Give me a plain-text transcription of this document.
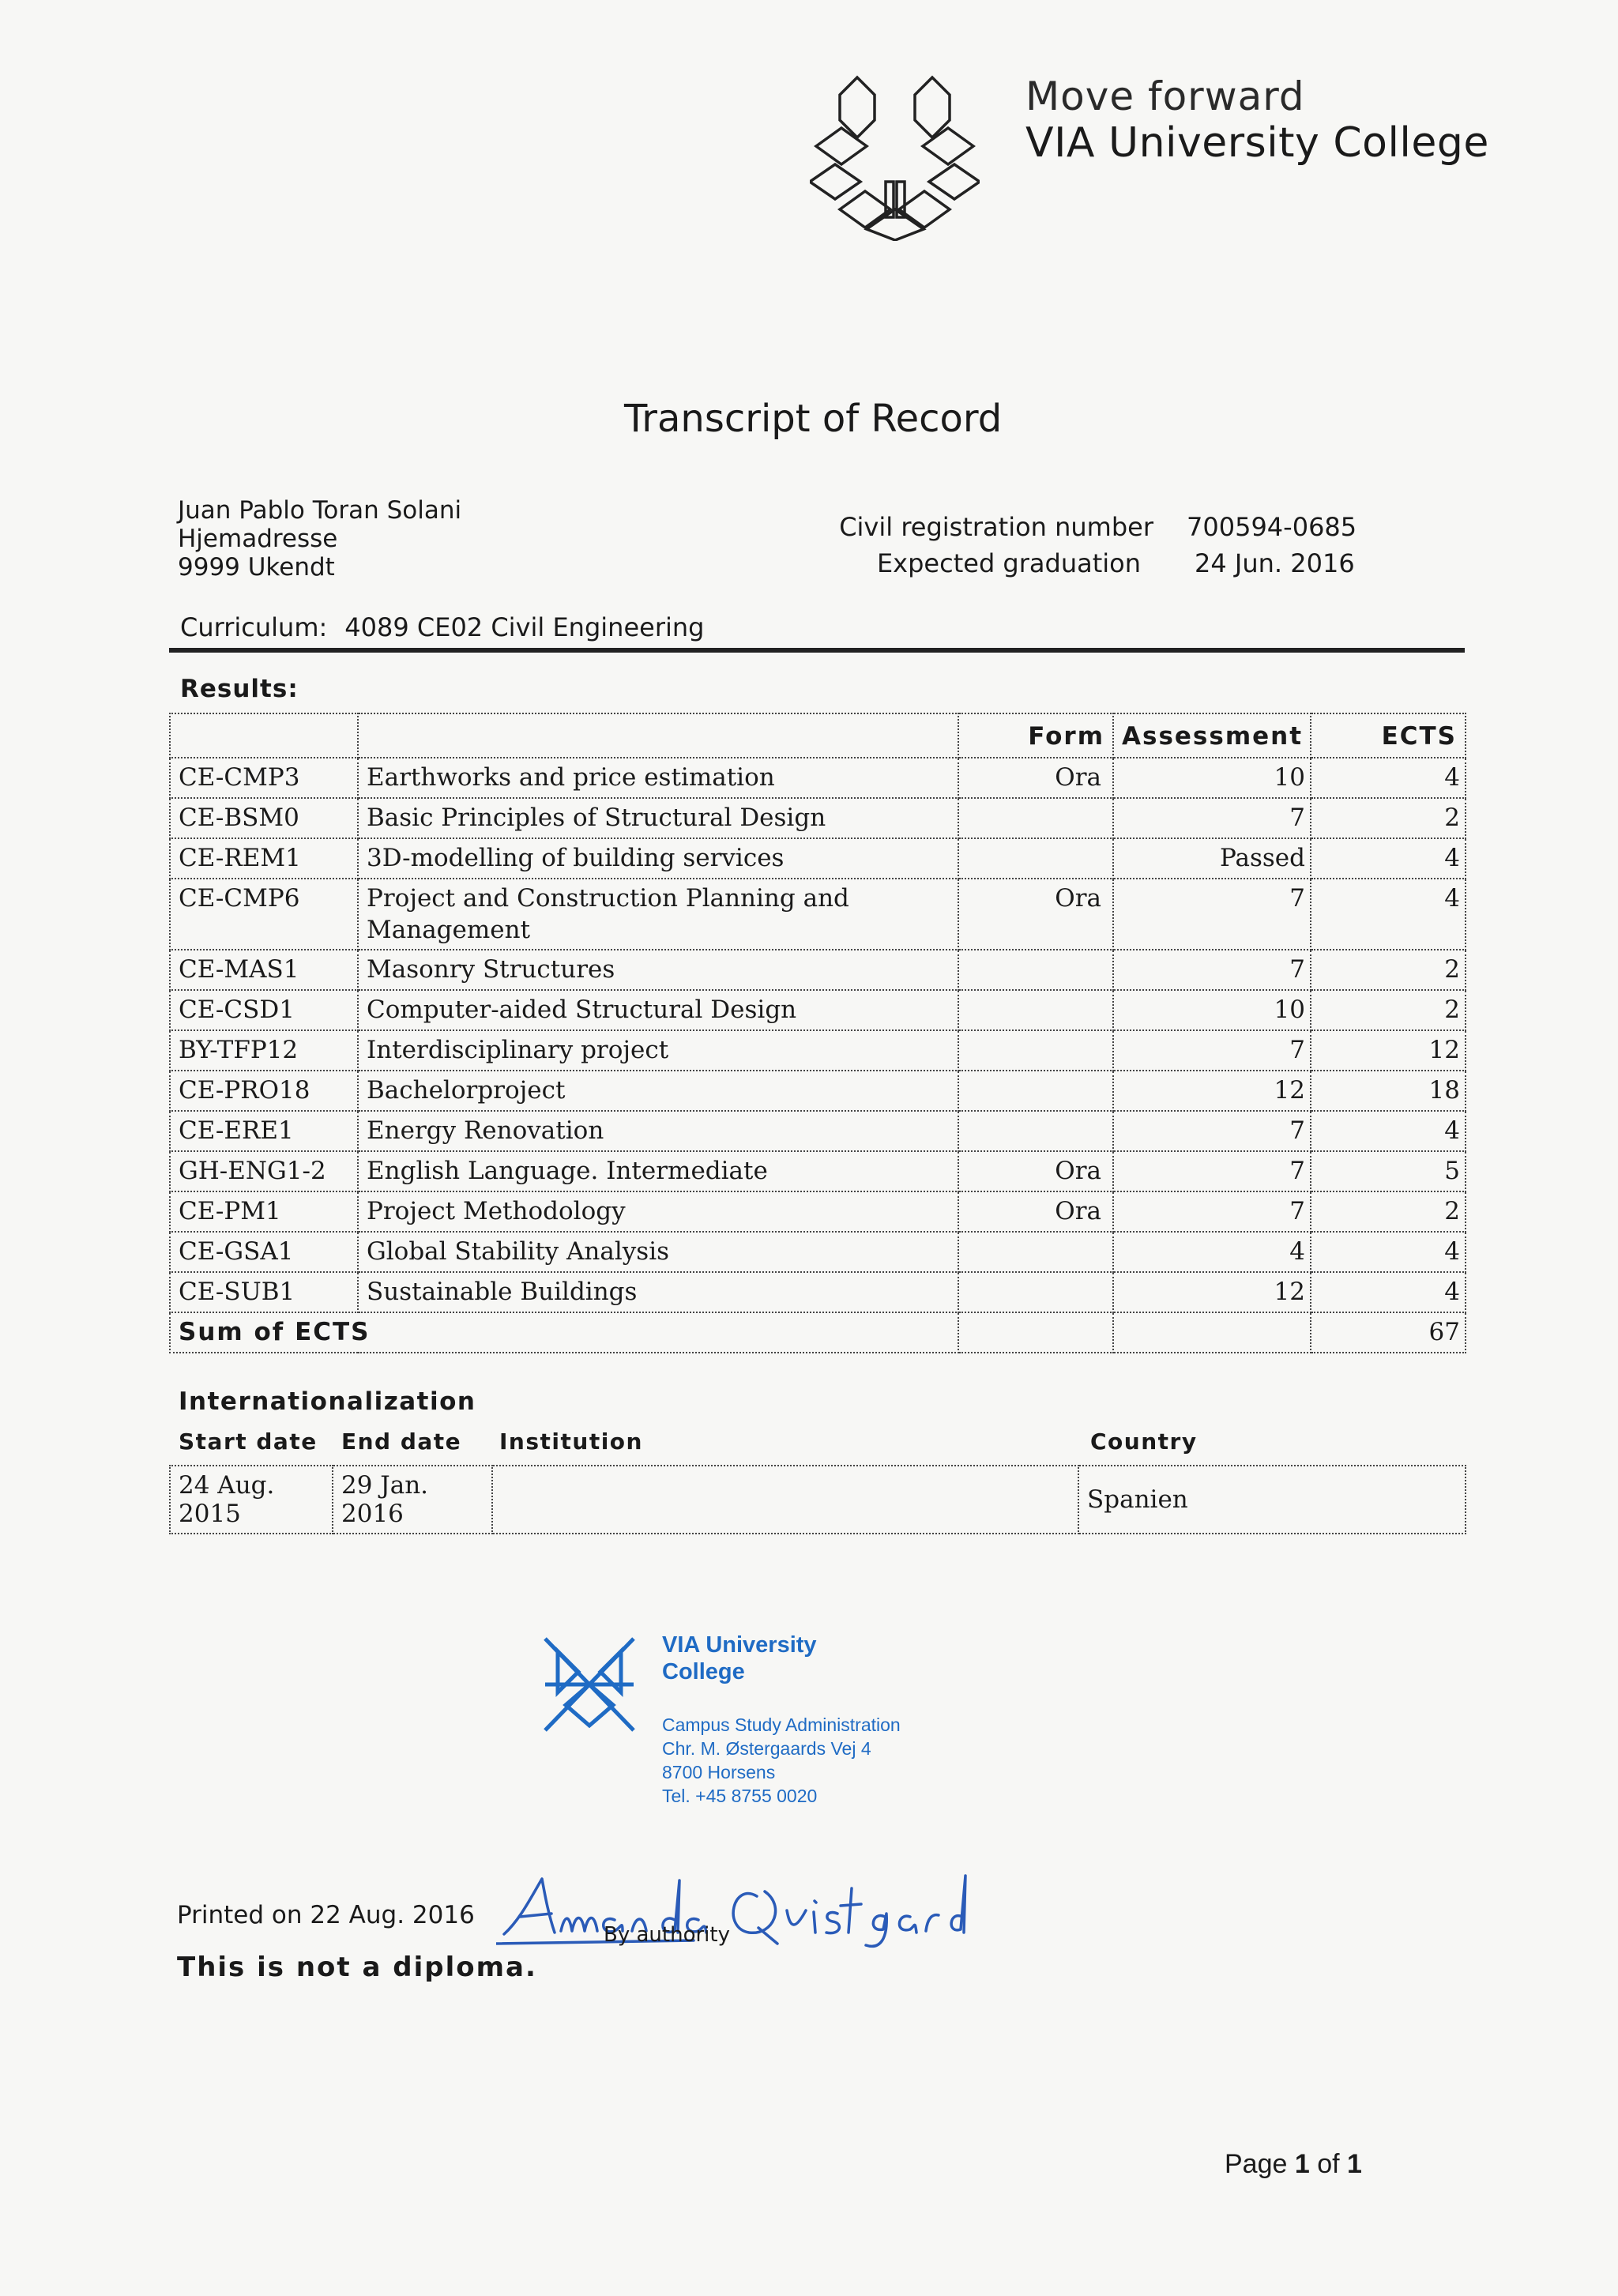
Move forward
VIA University College
Transcript of Record
Juan Pablo Toran Solani
Hjemadresse
9999 Ukendt
Civil registration number 700594-0685
Expected graduation 24 Jun. 2016
Curriculum: 4089 CE02 Civil Engineering
Results:
		Form	Assessment	ECTS
CE-CMP3	Earthworks and price estimation	Ora	10	4
CE-BSM0	Basic Principles of Structural Design		7	2
CE-REM1	3D-modelling of building services		Passed	4
CE-CMP6	Project and Construction Planning and Management	Ora	7	4
CE-MAS1	Masonry Structures		7	2
CE-CSD1	Computer-aided Structural Design		10	2
BY-TFP12	Interdisciplinary project		7	12
CE-PRO18	Bachelorproject		12	18
CE-ERE1	Energy Renovation		7	4
GH-ENG1-2	English Language. Intermediate	Ora	7	5
CE-PM1	Project Methodology	Ora	7	2
CE-GSA1	Global Stability Analysis		4	4
CE-SUB1	Sustainable Buildings		12	4
Sum of ECTS				67
Internationalization
Start date End date Institution	Country
24 Aug. 2015	29 Jan. 2016		Spanien
VIA University
College
Campus Study Administration
Chr. M. Østergaards Vej 4
8700 Horsens
Tel. +45 8755 0020
Printed on 22 Aug. 2016
By authority
This is not a diploma.
Page 1 of 1
